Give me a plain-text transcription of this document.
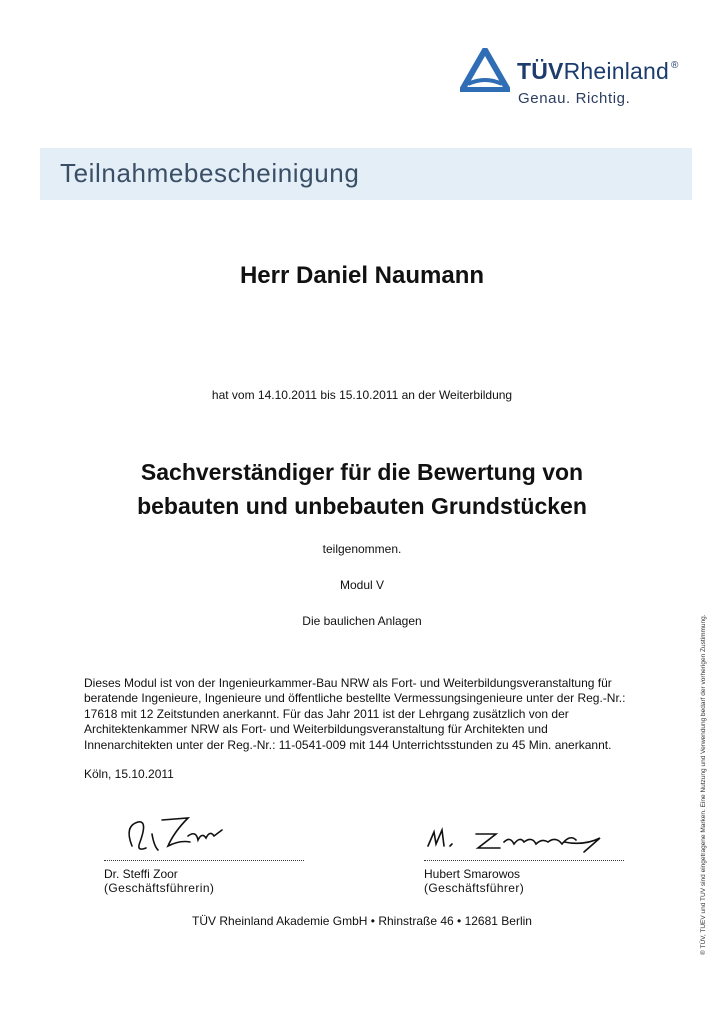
TÜVRheinland ®
Genau. Richtig.
Teilnahmebescheinigung
Herr Daniel Naumann
hat vom 14.10.2011 bis 15.10.2011 an der Weiterbildung
Sachverständiger für die Bewertung von
bebauten und unbebauten Grundstücken
teilgenommen.
Modul V
Die baulichen Anlagen
Dieses Modul ist von der Ingenieurkammer-Bau NRW als Fort- und Weiterbildungsveranstaltung für
beratende Ingenieure, Ingenieure und öffentliche bestellte Vermessungsingenieure unter der Reg.-Nr.:
17618 mit 12 Zeitstunden anerkannt. Für das Jahr 2011 ist der Lehrgang zusätzlich von der
Architektenkammer NRW als Fort- und Weiterbildungsveranstaltung für Architekten und
Innenarchitekten unter der Reg.-Nr.: 11-0541-009 mit 144 Unterrichtsstunden zu 45 Min. anerkannt.
Köln, 15.10.2011
Dr. Steffi Zoor
(Geschäftsführerin)
Hubert Smarowos
(Geschäftsführer)
TÜV Rheinland Akademie GmbH • Rhinstraße 46 • 12681 Berlin	® TÜV, TUEV und TUV sind eingetragene Marken. Eine Nutzung und Verwendung bedarf der vorherigen Zustimmung.
